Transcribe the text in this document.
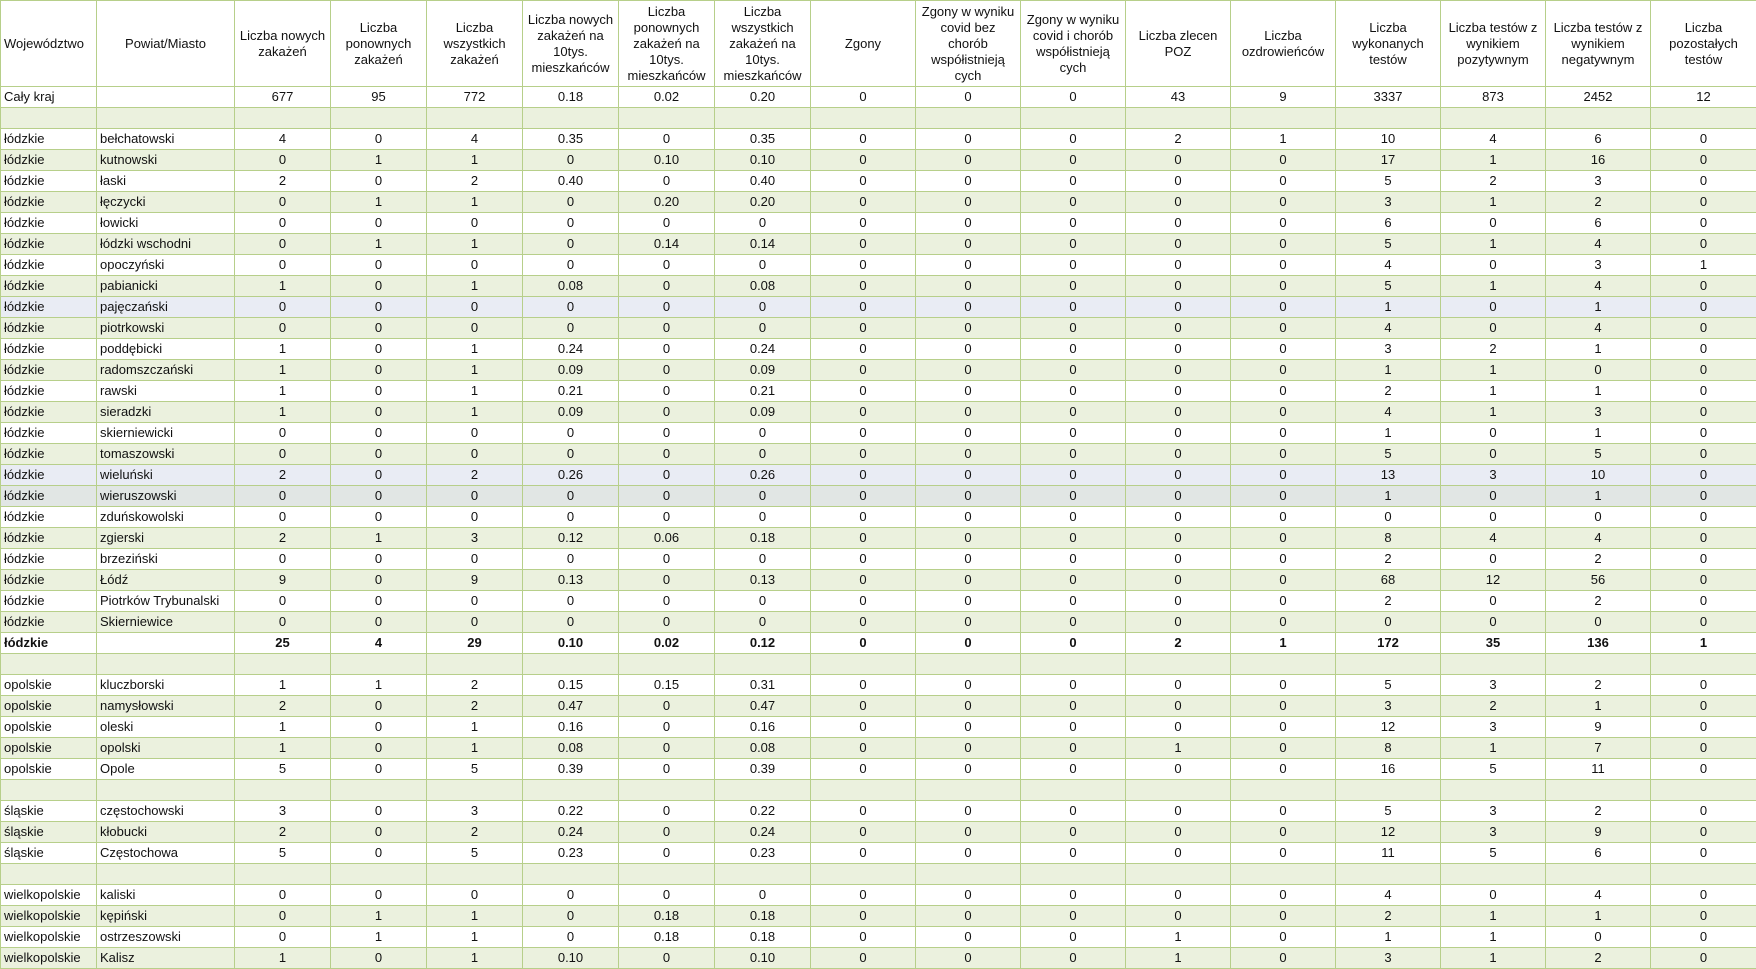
Województwo	Powiat/Miasto	Liczba nowych zakażeń	Liczba ponownych zakażeń	Liczba wszystkich zakażeń	Liczba nowych zakażeń na 10tys. mieszkańców	Liczba ponownych zakażeń na 10tys. mieszkańców	Liczba wszystkich zakażeń na 10tys. mieszkańców	Zgony	Zgony w wyniku covid bez chorób współistnieją cych	Zgony w wyniku covid i chorób współistnieją cych	Liczba zlecen POZ	Liczba ozdrowieńców	Liczba wykonanych testów	Liczba testów z wynikiem pozytywnym	Liczba testów z wynikiem negatywnym	Liczba pozostałych testów
Cały kraj		677	95	772	0.18	0.02	0.20	0	0	0	43	9	3337	873	2452	12

łódzkie	bełchatowski	4	0	4	0.35	0	0.35	0	0	0	2	1	10	4	6	0
łódzkie	kutnowski	0	1	1	0	0.10	0.10	0	0	0	0	0	17	1	16	0
łódzkie	łaski	2	0	2	0.40	0	0.40	0	0	0	0	0	5	2	3	0
łódzkie	łęczycki	0	1	1	0	0.20	0.20	0	0	0	0	0	3	1	2	0
łódzkie	łowicki	0	0	0	0	0	0	0	0	0	0	0	6	0	6	0
łódzkie	łódzki wschodni	0	1	1	0	0.14	0.14	0	0	0	0	0	5	1	4	0
łódzkie	opoczyński	0	0	0	0	0	0	0	0	0	0	0	4	0	3	1
łódzkie	pabianicki	1	0	1	0.08	0	0.08	0	0	0	0	0	5	1	4	0
łódzkie	pajęczański	0	0	0	0	0	0	0	0	0	0	0	1	0	1	0
łódzkie	piotrkowski	0	0	0	0	0	0	0	0	0	0	0	4	0	4	0
łódzkie	poddębicki	1	0	1	0.24	0	0.24	0	0	0	0	0	3	2	1	0
łódzkie	radomszczański	1	0	1	0.09	0	0.09	0	0	0	0	0	1	1	0	0
łódzkie	rawski	1	0	1	0.21	0	0.21	0	0	0	0	0	2	1	1	0
łódzkie	sieradzki	1	0	1	0.09	0	0.09	0	0	0	0	0	4	1	3	0
łódzkie	skierniewicki	0	0	0	0	0	0	0	0	0	0	0	1	0	1	0
łódzkie	tomaszowski	0	0	0	0	0	0	0	0	0	0	0	5	0	5	0
łódzkie	wieluński	2	0	2	0.26	0	0.26	0	0	0	0	0	13	3	10	0
łódzkie	wieruszowski	0	0	0	0	0	0	0	0	0	0	0	1	0	1	0
łódzkie	zduńskowolski	0	0	0	0	0	0	0	0	0	0	0	0	0	0	0
łódzkie	zgierski	2	1	3	0.12	0.06	0.18	0	0	0	0	0	8	4	4	0
łódzkie	brzeziński	0	0	0	0	0	0	0	0	0	0	0	2	0	2	0
łódzkie	Łódź	9	0	9	0.13	0	0.13	0	0	0	0	0	68	12	56	0
łódzkie	Piotrków Trybunalski	0	0	0	0	0	0	0	0	0	0	0	2	0	2	0
łódzkie	Skierniewice	0	0	0	0	0	0	0	0	0	0	0	0	0	0	0
łódzkie		25	4	29	0.10	0.02	0.12	0	0	0	2	1	172	35	136	1

opolskie	kluczborski	1	1	2	0.15	0.15	0.31	0	0	0	0	0	5	3	2	0
opolskie	namysłowski	2	0	2	0.47	0	0.47	0	0	0	0	0	3	2	1	0
opolskie	oleski	1	0	1	0.16	0	0.16	0	0	0	0	0	12	3	9	0
opolskie	opolski	1	0	1	0.08	0	0.08	0	0	0	1	0	8	1	7	0
opolskie	Opole	5	0	5	0.39	0	0.39	0	0	0	0	0	16	5	11	0

śląskie	częstochowski	3	0	3	0.22	0	0.22	0	0	0	0	0	5	3	2	0
śląskie	kłobucki	2	0	2	0.24	0	0.24	0	0	0	0	0	12	3	9	0
śląskie	Częstochowa	5	0	5	0.23	0	0.23	0	0	0	0	0	11	5	6	0

wielkopolskie	kaliski	0	0	0	0	0	0	0	0	0	0	0	4	0	4	0
wielkopolskie	kępiński	0	1	1	0	0.18	0.18	0	0	0	0	0	2	1	1	0
wielkopolskie	ostrzeszowski	0	1	1	0	0.18	0.18	0	0	0	1	0	1	1	0	0
wielkopolskie	Kalisz	1	0	1	0.10	0	0.10	0	0	0	1	0	3	1	2	0
